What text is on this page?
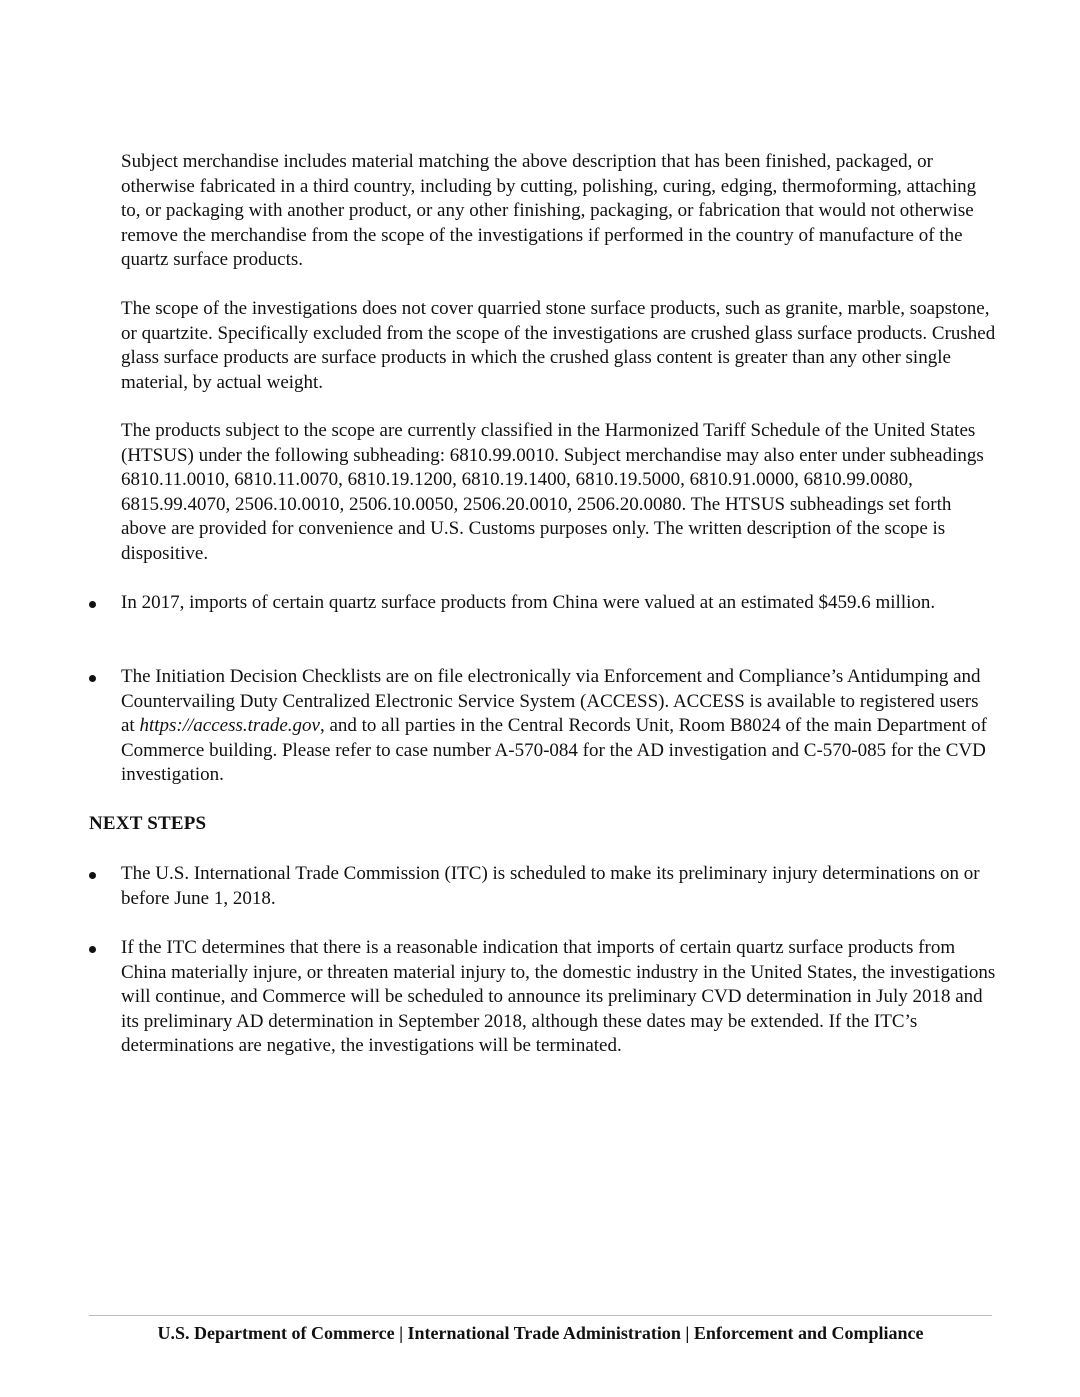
Subject merchandise includes material matching the above description that has been finished, packaged, or otherwise fabricated in a third country, including by cutting, polishing, curing, edging, thermoforming, attaching to, or packaging with another product, or any other finishing, packaging, or fabrication that would not otherwise remove the merchandise from the scope of the investigations if performed in the country of manufacture of the quartz surface products.

The scope of the investigations does not cover quarried stone surface products, such as granite, marble, soapstone, or quartzite. Specifically excluded from the scope of the investigations are crushed glass surface products. Crushed glass surface products are surface products in which the crushed glass content is greater than any other single material, by actual weight.

The products subject to the scope are currently classified in the Harmonized Tariff Schedule of the United States (HTSUS) under the following subheading: 6810.99.0010. Subject merchandise may also enter under subheadings 6810.11.0010, 6810.11.0070, 6810.19.1200, 6810.19.1400, 6810.19.5000, 6810.91.0000, 6810.99.0080, 6815.99.4070, 2506.10.0010, 2506.10.0050, 2506.20.0010, 2506.20.0080. The HTSUS subheadings set forth above are provided for convenience and U.S. Customs purposes only. The written description of the scope is dispositive.

In 2017, imports of certain quartz surface products from China were valued at an estimated $459.6 million.
The Initiation Decision Checklists are on file electronically via Enforcement and Compliance’s Antidumping and Countervailing Duty Centralized Electronic Service System (ACCESS). ACCESS is available to registered users at https://access.trade.gov, and to all parties in the Central Records Unit, Room B8024 of the main Department of Commerce building. Please refer to case number A-570-084 for the AD investigation and C-570-085 for the CVD investigation.
NEXT STEPS
The U.S. International Trade Commission (ITC) is scheduled to make its preliminary injury determinations on or before June 1, 2018.
If the ITC determines that there is a reasonable indication that imports of certain quartz surface products from China materially injure, or threaten material injury to, the domestic industry in the United States, the investigations will continue, and Commerce will be scheduled to announce its preliminary CVD determination in July 2018 and its preliminary AD determination in September 2018, although these dates may be extended. If the ITC’s determinations are negative, the investigations will be terminated.
U.S. Department of Commerce | International Trade Administration | Enforcement and Compliance
